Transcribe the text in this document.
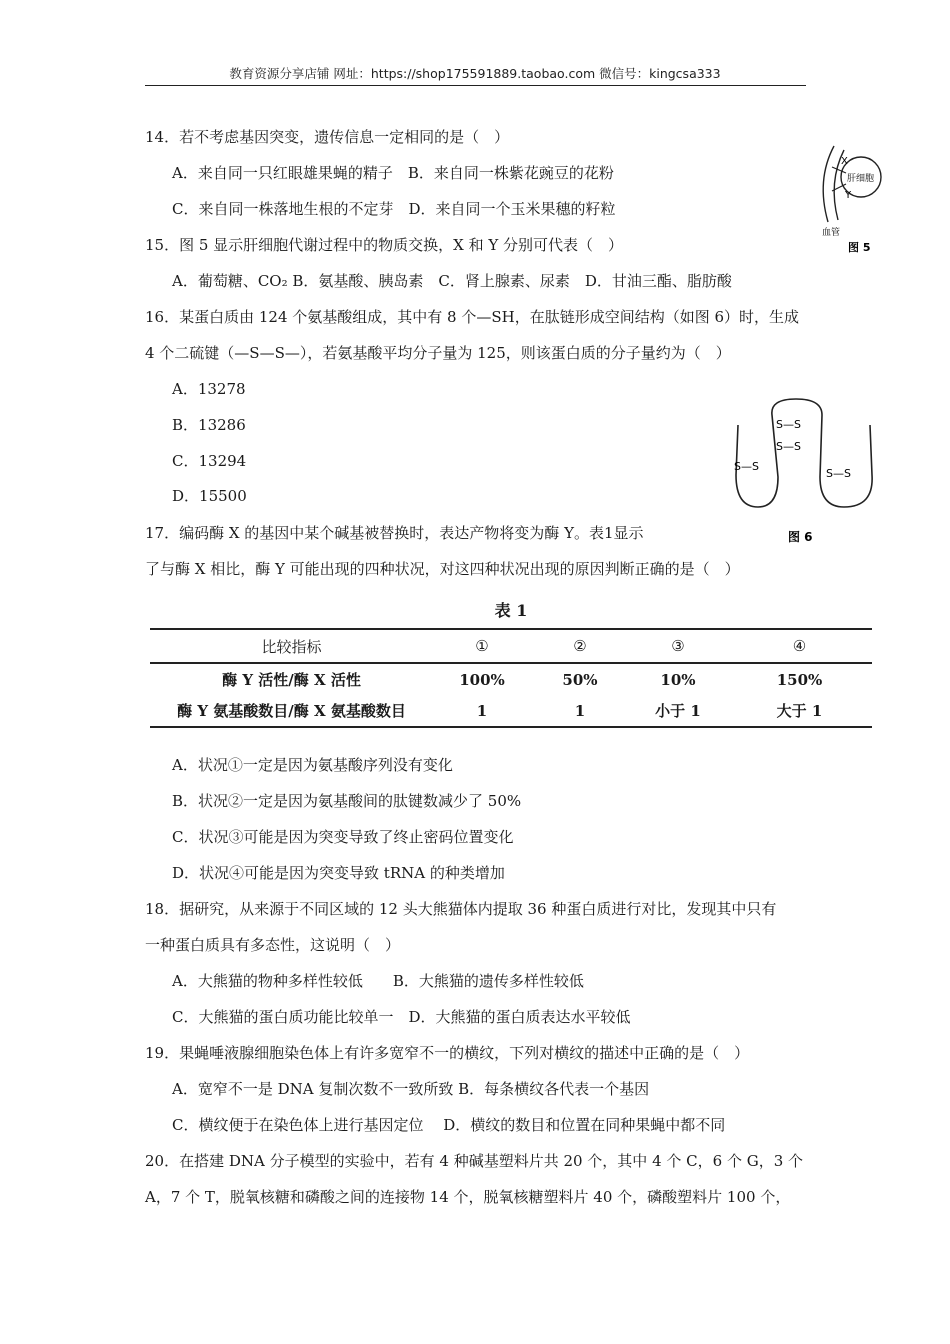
教育资源分享店铺 网址：https://shop175591889.taobao.com 微信号：kingcsa333
14．若不考虑基因突变，遗传信息一定相同的是（　）
A．来自同一只红眼雄果蝇的精子　B．来自同一株紫花豌豆的花粉
C．来自同一株落地生根的不定芽　D．来自同一个玉米果穗的籽粒
X
Y
肝细胞
血管
图 5
15．图 5 显示肝细胞代谢过程中的物质交换，X 和 Y 分别可代表（　）
A．葡萄糖、CO₂ B．氨基酸、胰岛素　C．肾上腺素、尿素　D．甘油三酯、脂肪酸
16．某蛋白质由 124 个氨基酸组成，其中有 8 个—SH，在肽链形成空间结构（如图 6）时，生成
4 个二硫键（—S—S—），若氨基酸平均分子量为 125，则该蛋白质的分子量约为（　）
A．13278
B．13286
C．13294
D．15500
S—S
S—S
S—S
S—S
图 6
17．编码酶 X 的基因中某个碱基被替换时，表达产物将变为酶 Y。表1显示
了与酶 X 相比，酶 Y 可能出现的四种状况，对这四种状况出现的原因判断正确的是（　）
表 1
比较指标	①	②	③	④
酶 Y 活性/酶 X 活性	100%	50%	10%	150%
酶 Y 氨基酸数目/酶 X 氨基酸数目	1	1	小于 1	大于 1
A．状况①一定是因为氨基酸序列没有变化
B．状况②一定是因为氨基酸间的肽键数减少了 50%
C．状况③可能是因为突变导致了终止密码位置变化
D．状况④可能是因为突变导致 tRNA 的种类增加
18．据研究，从来源于不同区域的 12 头大熊猫体内提取 36 种蛋白质进行对比，发现其中只有
一种蛋白质具有多态性，这说明（　）
A．大熊猫的物种多样性较低　　B．大熊猫的遗传多样性较低
C．大熊猫的蛋白质功能比较单一　D．大熊猫的蛋白质表达水平较低
19．果蝇唾液腺细胞染色体上有许多宽窄不一的横纹，下列对横纹的描述中正确的是（　）
A．宽窄不一是 DNA 复制次数不一致所致 B．每条横纹各代表一个基因
C．横纹便于在染色体上进行基因定位　 D．横纹的数目和位置在同种果蝇中都不同
20．在搭建 DNA 分子模型的实验中，若有 4 种碱基塑料片共 20 个，其中 4 个 C，6 个 G，3 个
A，7 个 T，脱氧核糖和磷酸之间的连接物 14 个，脱氧核糖塑料片 40 个，磷酸塑料片 100 个，
